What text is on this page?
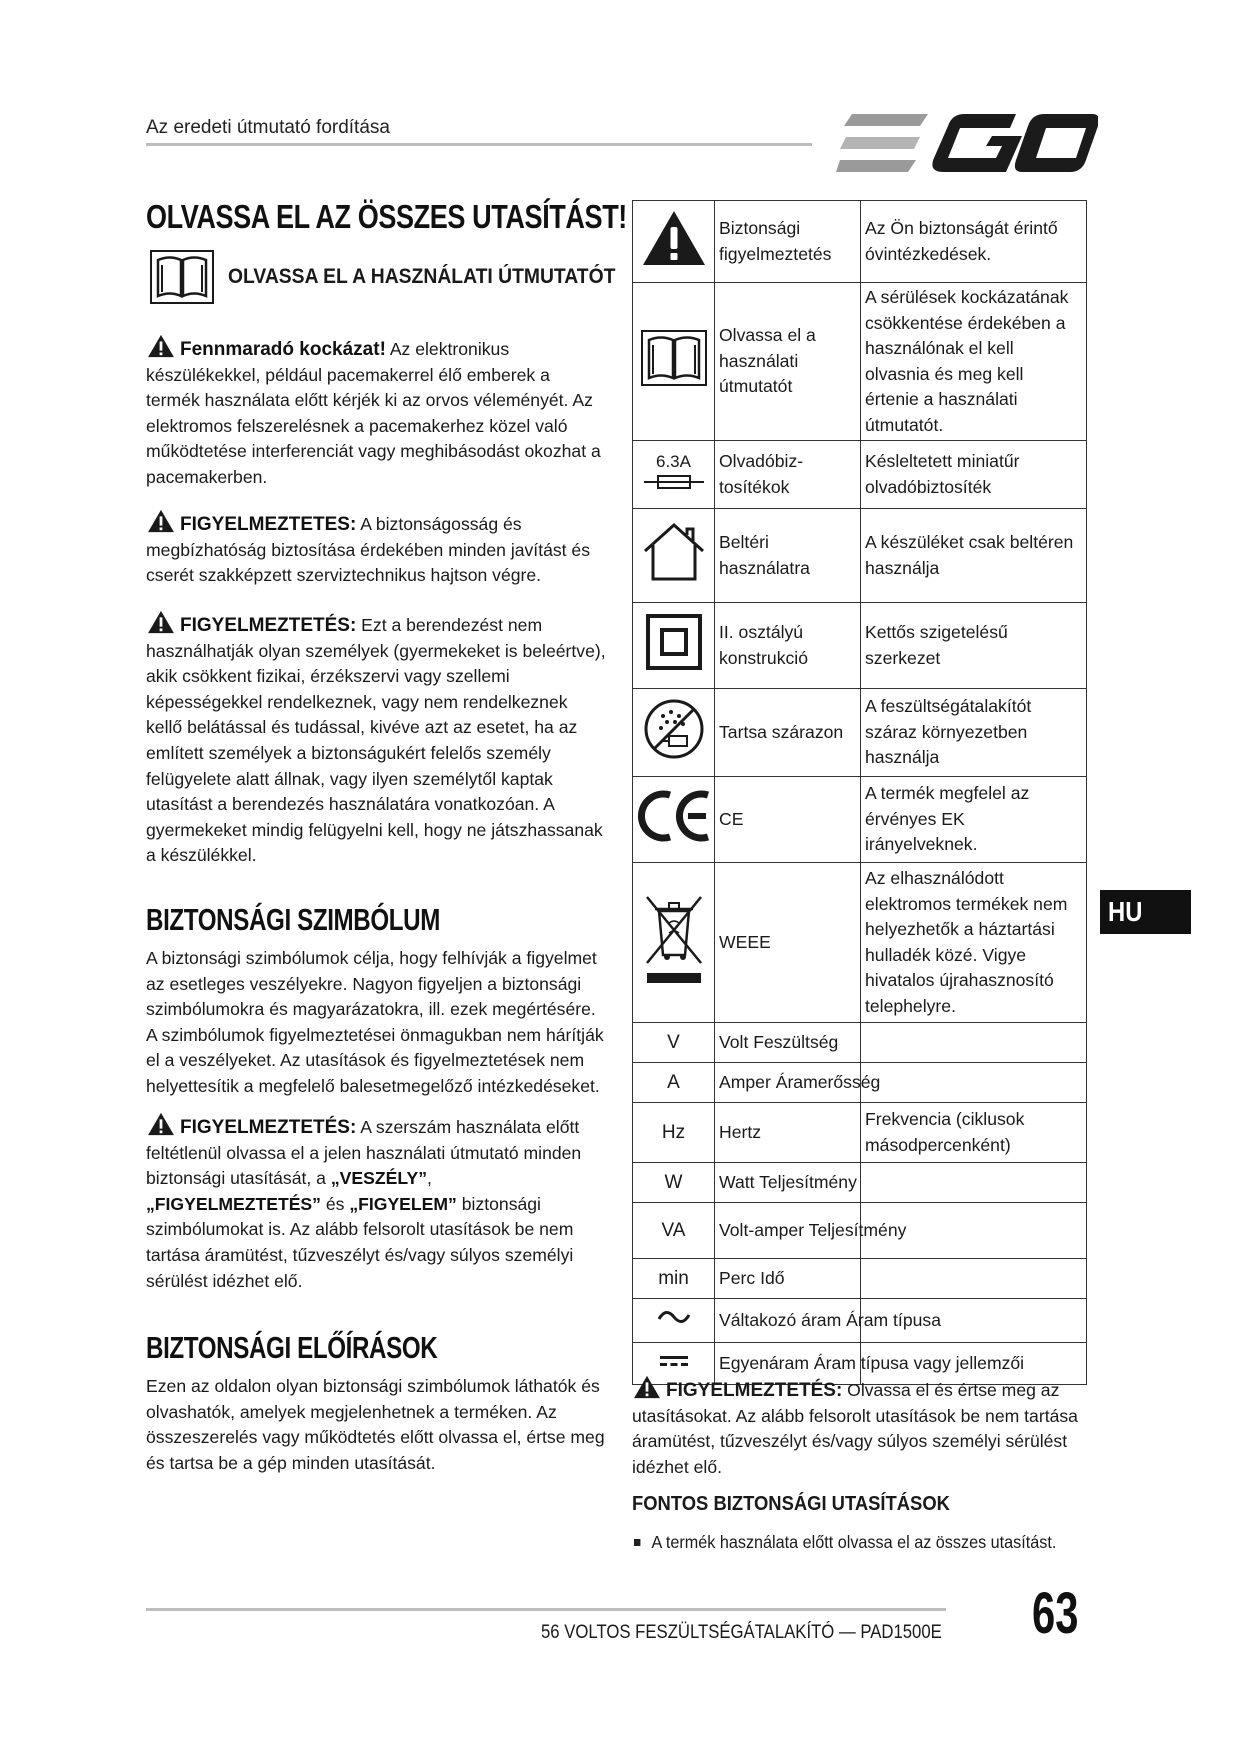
Az eredeti útmutató fordítása
OLVASSA EL AZ ÖSSZES UTASÍTÁST!
OLVASSA EL A HASZNÁLATI ÚTMUTATÓT
Fennmaradó kockázat! Az elektronikus készülékekkel, például pacemakerrel élő emberek a termék használata előtt kérjék ki az orvos véleményét. Az elektromos felszerelésnek a pacemakerhez közel való működtetése interferenciát vagy meghibásodást okozhat a pacemakerben.
FIGYELMEZTETES: A biztonságosság és megbízhatóság biztosítása érdekében minden javítást és cserét szakképzett szerviztechnikus hajtson végre.
FIGYELMEZTETÉS: Ezt a berendezést nem használhatják olyan személyek (gyermekeket is beleértve), akik csökkent fizikai, érzékszervi vagy szellemi képességekkel rendelkeznek, vagy nem rendelkeznek kellő belátással és tudással, kivéve azt az esetet, ha az említett személyek a biztonságukért felelős személy felügyelete alatt állnak, vagy ilyen személytől kaptak utasítást a berendezés használatára vonatkozóan. A gyermekeket mindig felügyelni kell, hogy ne játszhassanak a készülékkel.
BIZTONSÁGI SZIMBÓLUM
A biztonsági szimbólumok célja, hogy felhívják a figyelmet az esetleges veszélyekre. Nagyon figyeljen a biztonsági szimbólumokra és magyarázatokra, ill. ezek megértésére. A szimbólumok figyelmeztetései önmagukban nem hárítják el a veszélyeket. Az utasítások és figyelmeztetések nem helyettesítik a megfelelő balesetmegelőző intézkedéseket.
FIGYELMEZTETÉS: A szerszám használata előtt feltétlenül olvassa el a jelen használati útmutató minden biztonsági utasítását, a „VESZÉLY”, „FIGYELMEZTETÉS” és „FIGYELEM” biztonsági szimbólumokat is. Az alább felsorolt utasítások be nem tartása áramütést, tűzveszélyt és/vagy súlyos személyi sérülést idézhet elő.
BIZTONSÁGI ELŐÍRÁSOK
Ezen az oldalon olyan biztonsági szimbólumok láthatók és olvashatók, amelyek megjelenhetnek a terméken. Az összeszerelés vagy működtetés előtt olvassa el, értse meg és tartsa be a gép minden utasítását.
	Biztonsági figyelmeztetés	Az Ön biztonságát érintő óvintézkedések.
	Olvassa el a használati útmutatót	A sérülések kockázatának csökkentése érdekében a használónak el kell olvasnia és meg kell értenie a használati útmutatót.

6.3A	Olvadóbiz-tosítékok	Késleltetett miniatűr olvadóbiztosíték
	Beltéri használatra	A készüléket csak beltéren használja
	II. osztályú konstrukció	Kettős szigetelésű szerkezet
	Tartsa szárazon	A feszültségátalakítót száraz környezetben használja
	CE	A termék megfelel az érvényes EK irányelveknek.
	WEEE	Az elhasználódott elektromos termékek nem helyezhetők a háztartási hulladék közé. Vigye hivatalos újrahasznosító telephelyre.
V	Volt Feszültség	
A	Amper Áramerősség	
Hz	Hertz	Frekvencia (ciklusok másodpercenként)
W	Watt Teljesítmény	
VA	Volt-amper Teljesítmény	
min	Perc Idő	
	Váltakozó áram Áram típusa	
	Egyenáram Áram típusa vagy jellemzői	
FIGYELMEZTETÉS: Olvassa el és értse meg az utasításokat. Az alább felsorolt utasítások be nem tartása áramütést, tűzveszélyt és/vagy súlyos személyi sérülést idézhet elő.
FONTOS BIZTONSÁGI UTASÍTÁSOK
A termék használata előtt olvassa el az összes utasítást.
HU
56 VOLTOS FESZÜLTSÉGÁTALAKÍTÓ — PAD1500E 63
